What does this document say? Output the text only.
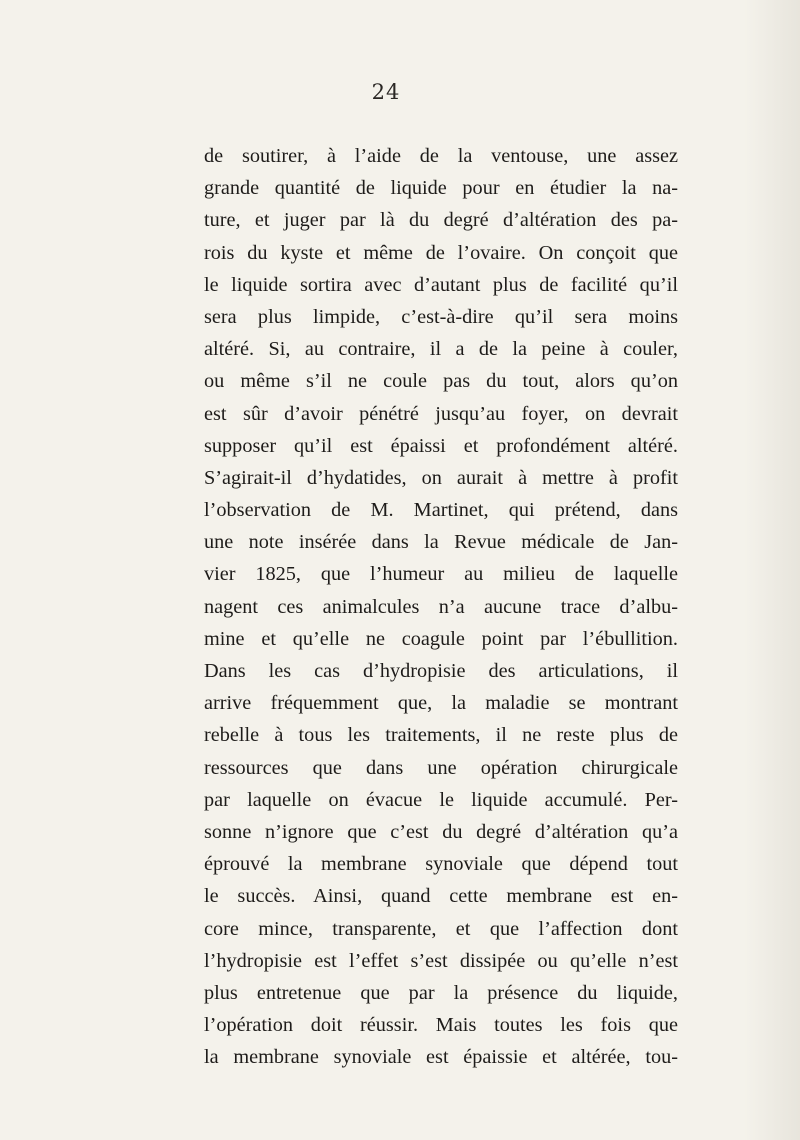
24
de soutirer, à l’aide de la ventouse, une assez
grande quantité de liquide pour en étudier la na-
ture, et juger par là du degré d’altération des pa-
rois du kyste et même de l’ovaire. On conçoit que
le liquide sortira avec d’autant plus de facilité qu’il
sera plus limpide, c’est-à-dire qu’il sera moins
altéré. Si, au contraire, il a de la peine à couler,
ou même s’il ne coule pas du tout, alors qu’on
est sûr d’avoir pénétré jusqu’au foyer, on devrait
supposer qu’il est épaissi et profondément altéré.
S’agirait-il d’hydatides, on aurait à mettre à profit
l’observation de M. Martinet, qui prétend, dans
une note insérée dans la Revue médicale de Jan-
vier 1825, que l’humeur au milieu de laquelle
nagent ces animalcules n’a aucune trace d’albu-
mine et qu’elle ne coagule point par l’ébullition.
Dans les cas d’hydropisie des articulations, il
arrive fréquemment que, la maladie se montrant
rebelle à tous les traitements, il ne reste plus de
ressources que dans une opération chirurgicale
par laquelle on évacue le liquide accumulé. Per-
sonne n’ignore que c’est du degré d’altération qu’a
éprouvé la membrane synoviale que dépend tout
le succès. Ainsi, quand cette membrane est en-
core mince, transparente, et que l’affection dont
l’hydropisie est l’effet s’est dissipée ou qu’elle n’est
plus entretenue que par la présence du liquide,
l’opération doit réussir. Mais toutes les fois que
la membrane synoviale est épaissie et altérée, tou-
